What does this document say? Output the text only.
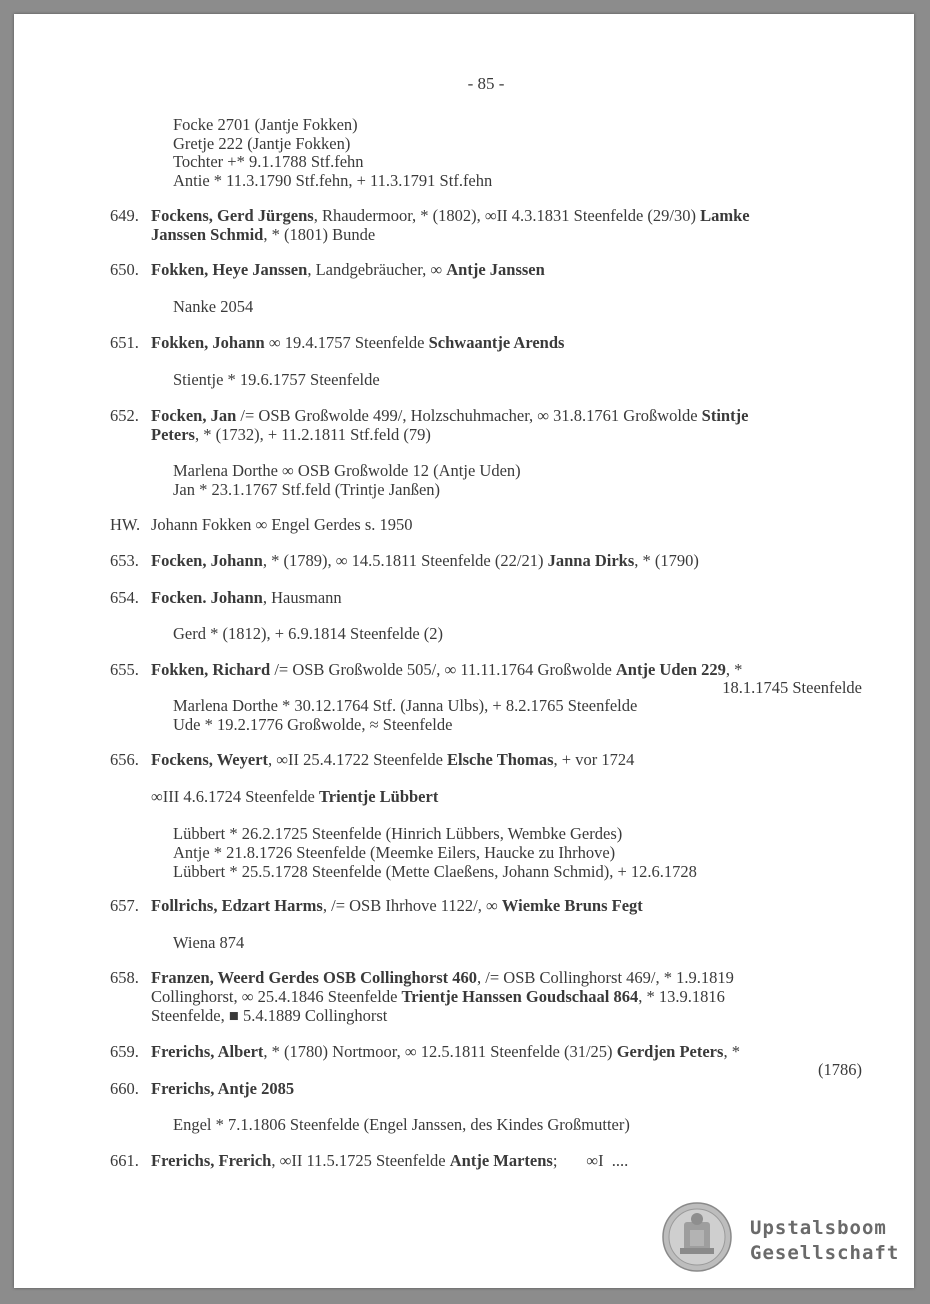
- 85 -
Focke 2701 (Jantje Fokken)
Gretje 222 (Jantje Fokken)
Tochter +* 9.1.1788 Stf.fehn
Antie * 11.3.1790 Stf.fehn, + 11.3.1791 Stf.fehn
649. Fockens, Gerd Jürgens, Rhaudermoor, * (1802), ∞II 4.3.1831 Steenfelde (29/30) Lamke
Janssen Schmid, * (1801) Bunde
650. Fokken, Heye Janssen, Landgebräucher, ∞ Antje Janssen
Nanke 2054
651. Fokken, Johann ∞ 19.4.1757 Steenfelde Schwaantje Arends
Stientje * 19.6.1757 Steenfelde
652. Focken, Jan /= OSB Großwolde 499/, Holzschuhmacher, ∞ 31.8.1761 Großwolde Stintje
Peters, * (1732), + 11.2.1811 Stf.feld (79)
Marlena Dorthe ∞ OSB Großwolde 12 (Antje Uden)
Jan * 23.1.1767 Stf.feld (Trintje Janßen)
HW. Johann Fokken ∞ Engel Gerdes s. 1950
653. Focken, Johann, * (1789), ∞ 14.5.1811 Steenfelde (22/21) Janna Dirks, * (1790)
654. Focken. Johann, Hausmann
Gerd * (1812), + 6.9.1814 Steenfelde (2)
655. Fokken, Richard /= OSB Großwolde 505/, ∞ 11.11.1764 Großwolde Antje Uden 229, *
18.1.1745 Steenfelde
Marlena Dorthe * 30.12.1764 Stf. (Janna Ulbs), + 8.2.1765 Steenfelde
Ude * 19.2.1776 Großwolde, ≈ Steenfelde
656. Fockens, Weyert, ∞II 25.4.1722 Steenfelde Elsche Thomas, + vor 1724
∞III 4.6.1724 Steenfelde Trientje Lübbert
Lübbert * 26.2.1725 Steenfelde (Hinrich Lübbers, Wembke Gerdes)
Antje * 21.8.1726 Steenfelde (Meemke Eilers, Haucke zu Ihrhove)
Lübbert * 25.5.1728 Steenfelde (Mette Claeßens, Johann Schmid), + 12.6.1728
657. Follrichs, Edzart Harms, /= OSB Ihrhove 1122/, ∞ Wiemke Bruns Fegt
Wiena 874
658. Franzen, Weerd Gerdes OSB Collinghorst 460, /= OSB Collinghorst 469/, * 1.9.1819
Collinghorst, ∞ 25.4.1846 Steenfelde Trientje Hanssen Goudschaal 864, * 13.9.1816
Steenfelde, ■ 5.4.1889 Collinghorst
659. Frerichs, Albert, * (1780) Nortmoor, ∞ 12.5.1811 Steenfelde (31/25) Gerdjen Peters, *
(1786)
660. Frerichs, Antje 2085
Engel * 7.1.1806 Steenfelde (Engel Janssen, des Kindes Großmutter)
661. Frerichs, Frerich, ∞II 11.5.1725 Steenfelde Antje Martens;       ∞I  ....
Upstalsboom
Gesellschaft
